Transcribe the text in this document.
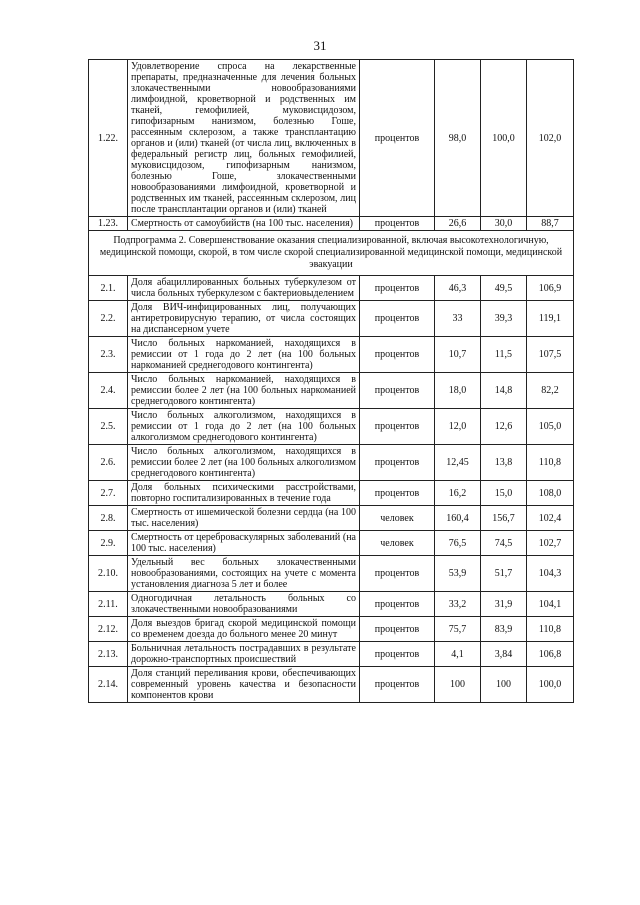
31
1.22.	Удовлетворение спроса на лекарственные препараты, предназначенные для лечения больных злокачественными новообразованиями лимфоидной, кроветворной и родственных им тканей, гемофилией, муковисцидозом, гипофизарным нанизмом, болезнью Гоше, рассеянным склерозом, а также трансплантацию органов и (или) тканей (от числа лиц, включенных в федеральный регистр лиц, больных гемофилией, муковисцидозом, гипофизарным нанизмом, болезнью Гоше, злокачественными новообразованиями лимфоидной, кроветворной и родственных им тканей, рассеянным склерозом, лиц после трансплантации органов и (или) тканей	процентов	98,0	100,0	102,0
1.23.	Смертность от самоубийств (на 100 тыс. населения)	процентов	26,6	30,0	88,7
Подпрограмма 2. Совершенствование оказания специализированной, включая высокотехнологичную, медицинской помощи, скорой, в том числе скорой специализированной медицинской помощи, медицинской эвакуации					
2.1.	Доля абациллированных больных туберкулезом от числа больных туберкулезом с бактериовыделением	процентов	46,3	49,5	106,9
2.2.	Доля ВИЧ-инфицированных лиц, получающих антиретровирусную терапию, от числа состоящих на диспансерном учете	процентов	33	39,3	119,1
2.3.	Число больных наркоманией, находящихся в ремиссии от 1 года до 2 лет (на 100 больных наркоманией среднегодового контингента)	процентов	10,7	11,5	107,5
2.4.	Число больных наркоманией, находящихся в ремиссии более 2 лет (на 100 больных наркоманией среднегодового контингента)	процентов	18,0	14,8	82,2
2.5.	Число больных алкоголизмом, находящихся в ремиссии от 1 года до 2 лет (на 100 больных алкоголизмом среднегодового контингента)	процентов	12,0	12,6	105,0
2.6.	Число больных алкоголизмом, находящихся в ремиссии более 2 лет (на 100 больных алкоголизмом среднегодового контингента)	процентов	12,45	13,8	110,8
2.7.	Доля больных психическими расстройствами, повторно госпитализированных в течение года	процентов	16,2	15,0	108,0
2.8.	Смертность от ишемической болезни сердца (на 100 тыс. населения)	человек	160,4	156,7	102,4
2.9.	Смертность от цереброваскулярных заболеваний (на 100 тыс. населения)	человек	76,5	74,5	102,7
2.10.	Удельный вес больных злокачественными новообразованиями, состоящих на учете с момента установления диагноза 5 лет и более	процентов	53,9	51,7	104,3
2.11.	Одногодичная летальность больных со злокачественными новообразованиями	процентов	33,2	31,9	104,1
2.12.	Доля выездов бригад скорой медицинской помощи со временем доезда до больного менее 20 минут	процентов	75,7	83,9	110,8
2.13.	Больничная летальность пострадавших в результате дорожно-транспортных происшествий	процентов	4,1	3,84	106,8
2.14.	Доля станций переливания крови, обеспечивающих современный уровень качества и безопасности компонентов крови	процентов	100	100	100,0
